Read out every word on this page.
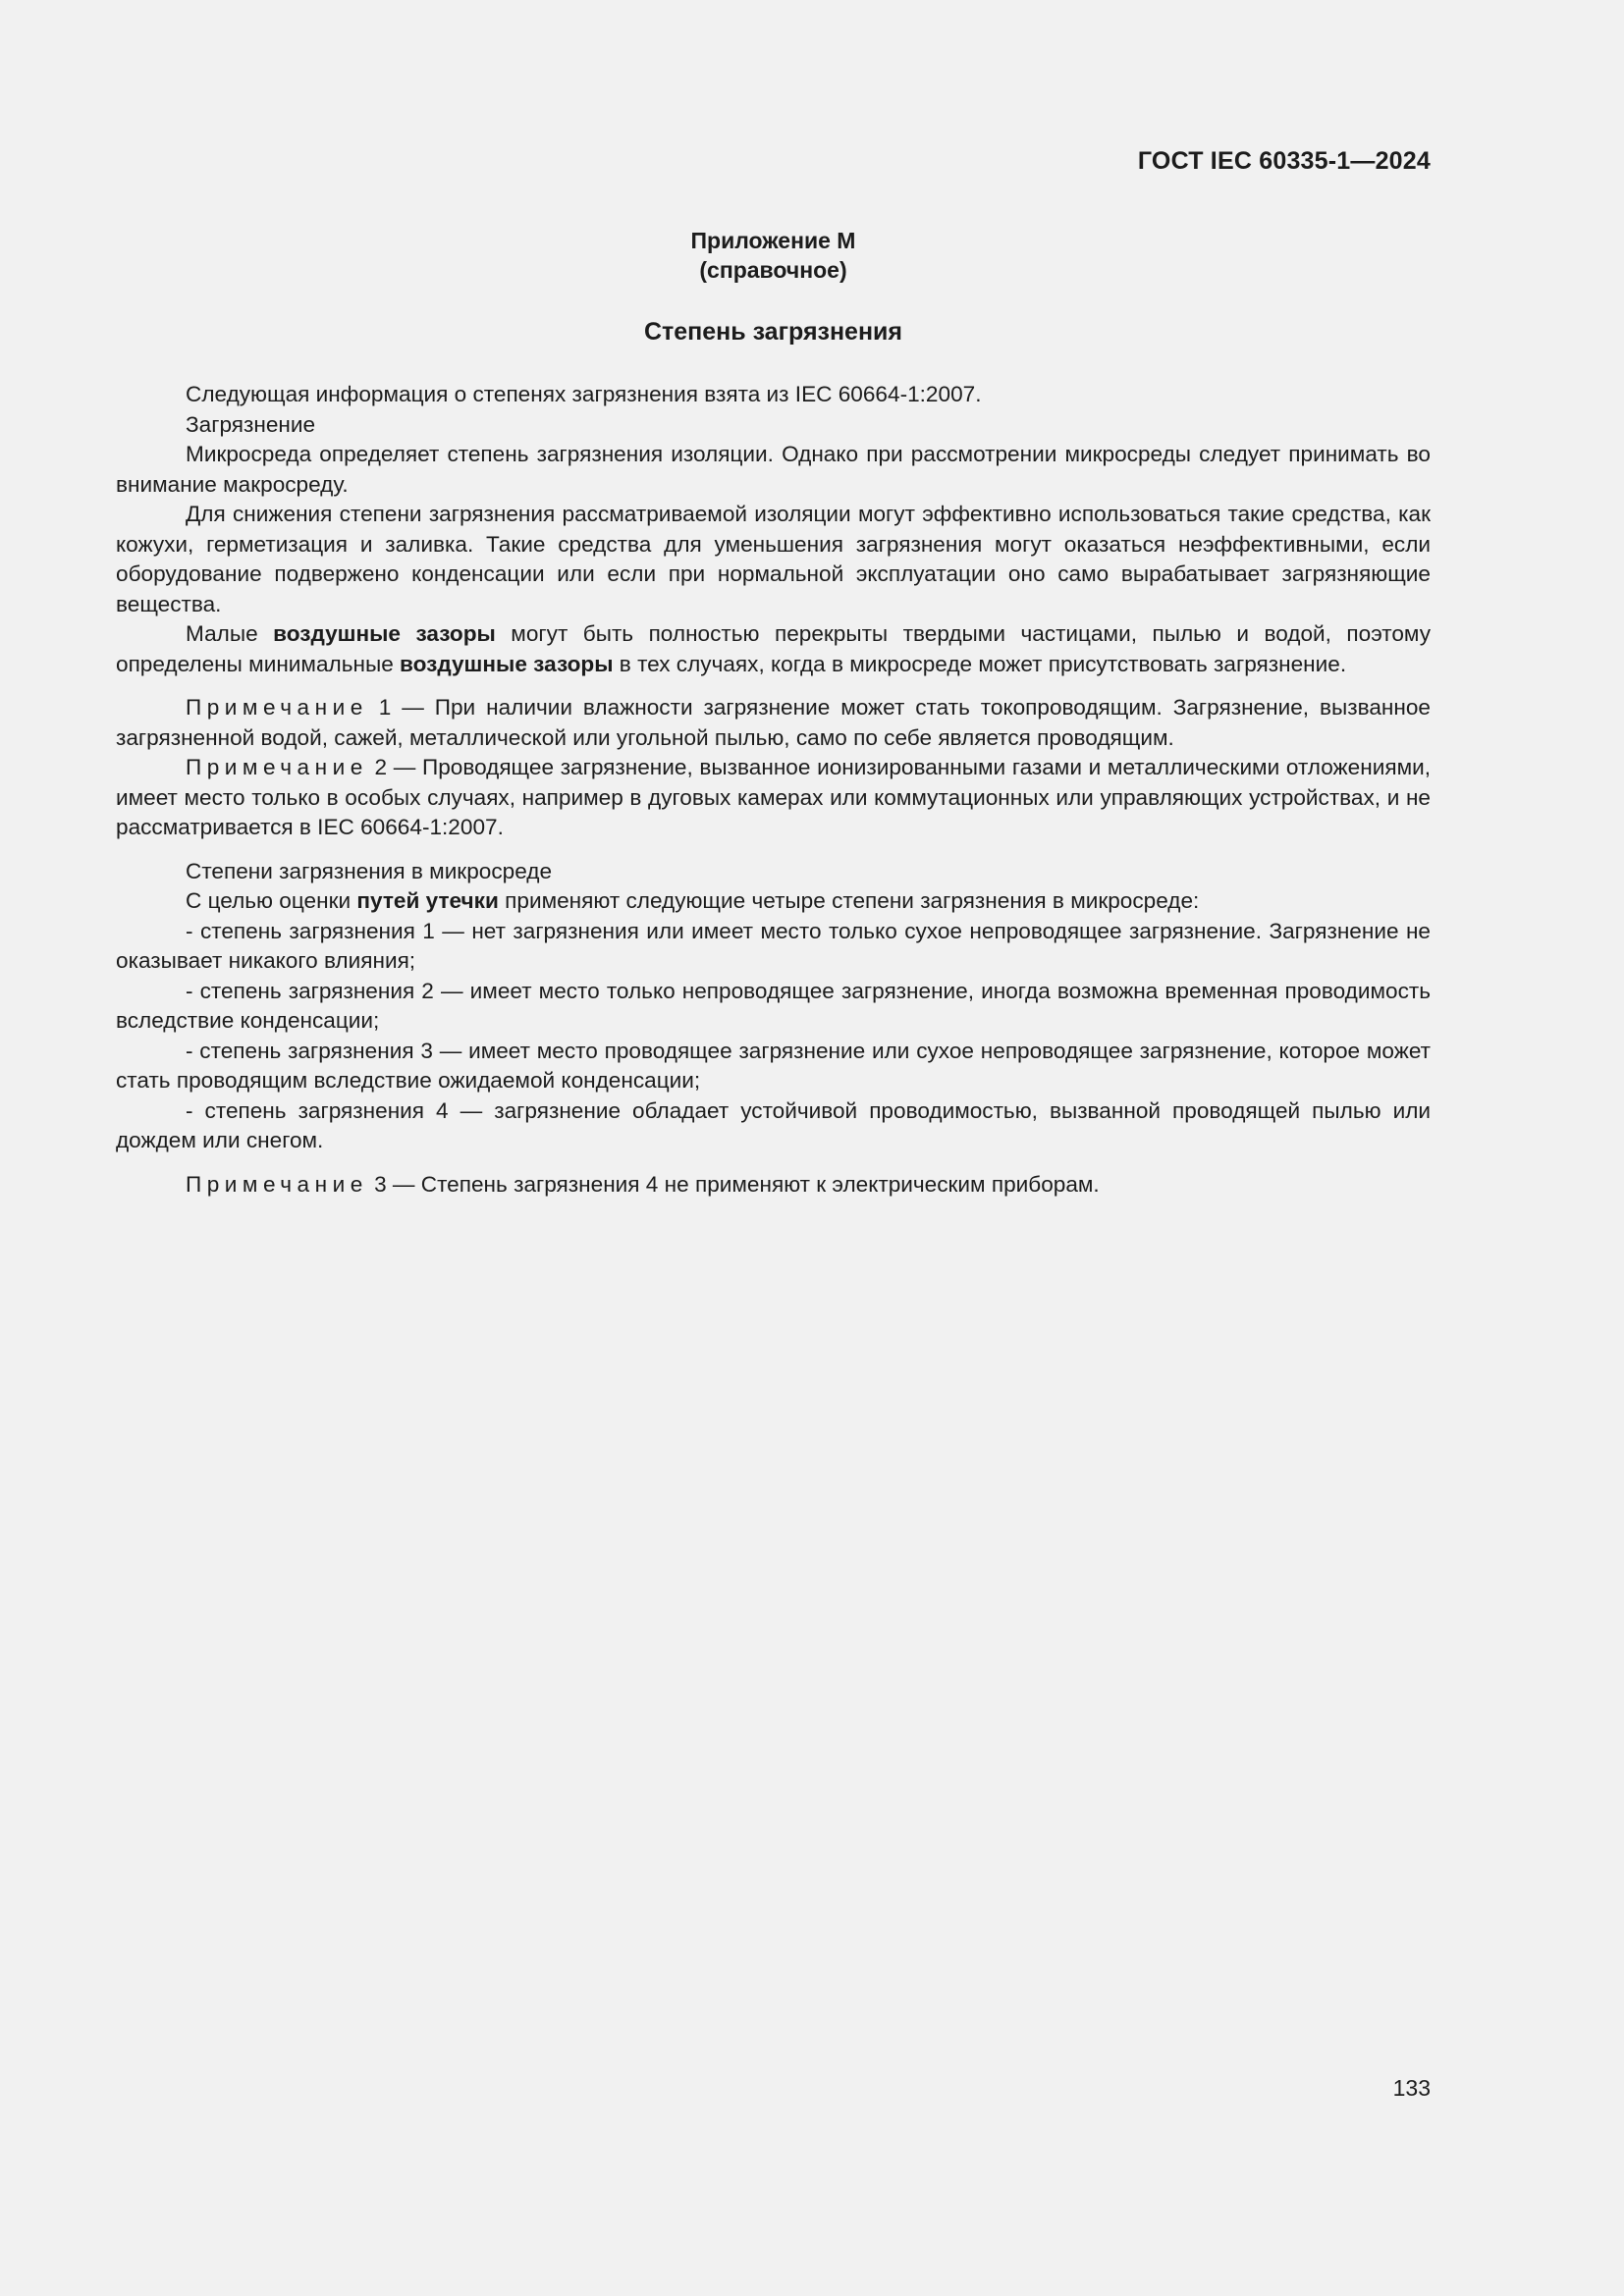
ГОСТ IEC 60335-1—2024
Приложение М
(справочное)
Степень загрязнения

Следующая информация о степенях загрязнения взята из IEC 60664-1:2007.

Загрязнение

Микросреда определяет степень загрязнения изоляции. Однако при рассмотрении микросреды следует принимать во внимание макросреду.

Для снижения степени загрязнения рассматриваемой изоляции могут эффективно использоваться такие средства, как кожухи, герметизация и заливка. Такие средства для уменьшения загрязнения могут оказаться неэффективными, если оборудование подвержено конденсации или если при нормальной эксплуатации оно само вырабатывает загрязняющие вещества.

Малые воздушные зазоры могут быть полностью перекрыты твердыми частицами, пылью и водой, поэтому определены минимальные воздушные зазоры в тех случаях, когда в микросреде может присутствовать загрязнение.

Примечание 1 — При наличии влажности загрязнение может стать токопроводящим. Загрязнение, вызванное загрязненной водой, сажей, металлической или угольной пылью, само по себе является проводящим.

Примечание 2 — Проводящее загрязнение, вызванное ионизированными газами и металлическими отложениями, имеет место только в особых случаях, например в дуговых камерах или коммутационных или управляющих устройствах, и не рассматривается в IEC 60664-1:2007.

Степени загрязнения в микросреде

С целью оценки путей утечки применяют следующие четыре степени загрязнения в микросреде:

- степень загрязнения 1 — нет загрязнения или имеет место только сухое непроводящее загрязнение. Загрязнение не оказывает никакого влияния;

- степень загрязнения 2 — имеет место только непроводящее загрязнение, иногда возможна временная проводимость вследствие конденсации;

- степень загрязнения 3 — имеет место проводящее загрязнение или сухое непроводящее загрязнение, которое может стать проводящим вследствие ожидаемой конденсации;

- степень загрязнения 4 — загрязнение обладает устойчивой проводимостью, вызванной проводящей пылью или дождем или снегом.

Примечание 3 — Степень загрязнения 4 не применяют к электрическим приборам.

133
